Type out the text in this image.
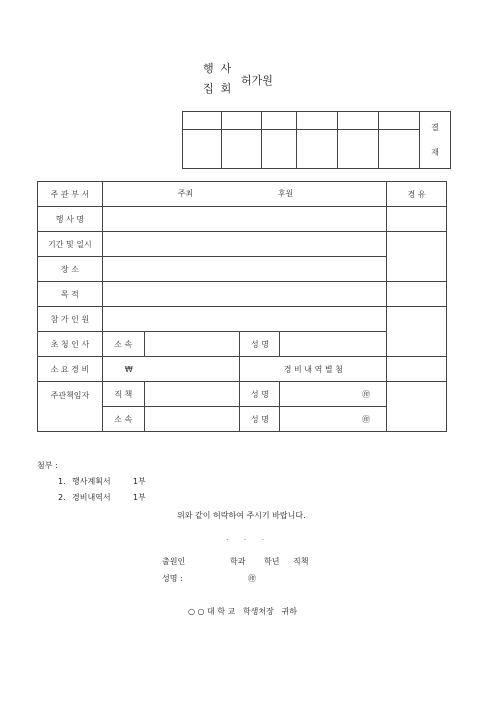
행  사
집  회
허가원

						결
재

주 관 부 서	주최 후원				경 유
행 사 명					
기간 및 일시					
장 소					
목 적					
참 가 인 원					
초 청 인 사	소 속		성 명		
소 요 경 비	₩		경 비 내 역 별 첨		
주관책임자	직 책		성 명	㊞	
	소 속		성 명	㊞	
첨부 :
1. 행사계획서	1부
2. 경비내역서	1부
위와 같이 허락하여 주시기 바랍니다.
.      .      .
출원인	학과 학년 직책
성명 :	㊞
○ ○ 대 학 교   학생처장   귀하
